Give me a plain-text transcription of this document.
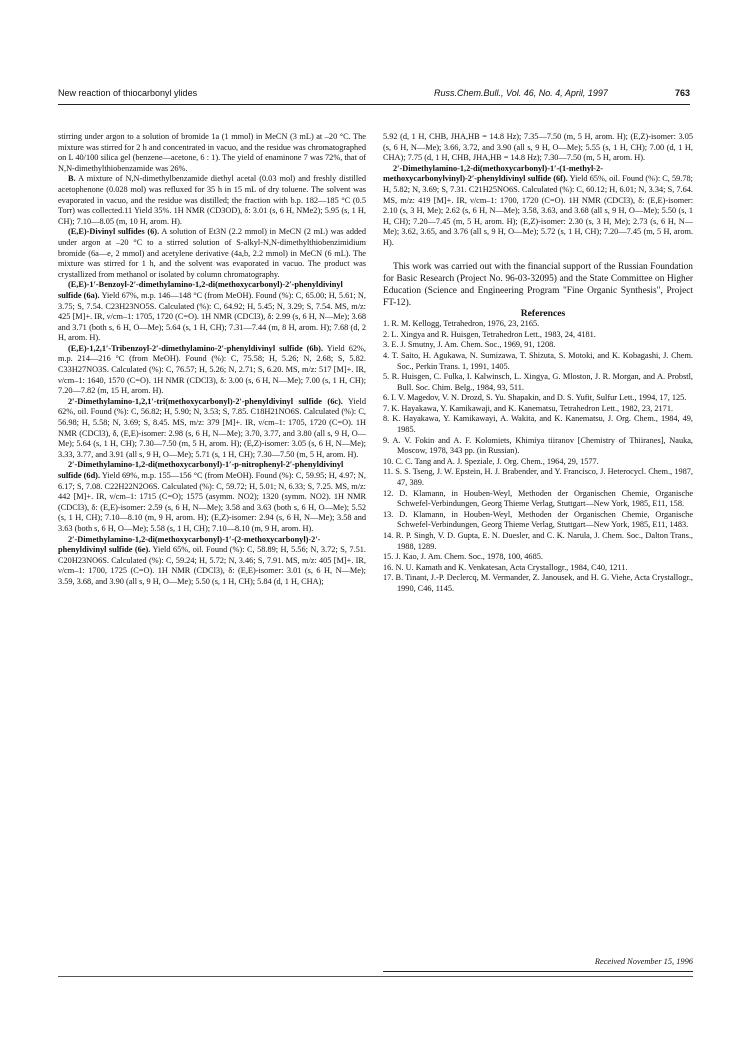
New reaction of thiocarbonyl ylides	Russ.Chem.Bull., Vol. 46, No. 4, April, 1997	763

stirring under argon to a solution of bromide 1a (1 mmol) in MeCN (3 mL) at –20 °C. The mixture was stirred for 2 h and concentrated in vacuo, and the residue was chromatographed on L 40/100 silica gel (benzene—acetone, 6 : 1). The yield of enaminone 7 was 72%, that of N,N-dimethylthiobenzamide was 26%.

B. A mixture of N,N-dimethylbenzamide diethyl acetal (0.03 mol) and freshly distilled acetophenone (0.028 mol) was refluxed for 35 h in 15 mL of dry toluene. The solvent was evaporated in vacuo, and the residue was distilled; the fraction with b.p. 182—185 °C (0.5 Torr) was collected.11 Yield 35%. 1H NMR (CD3OD), δ: 3.01 (s, 6 H, NMe2); 5.95 (s, 1 H, CH); 7.10—8.05 (m, 10 H, arom. H).

(E,E)-Divinyl sulfides (6). A solution of Et3N (2.2 mmol) in MeCN (2 mL) was added under argon at –20 °C to a stirred solution of S-alkyl-N,N-dimethylthiobenzimidium bromide (6a—e, 2 mmol) and acetylene derivative (4a,b, 2.2 mmol) in MeCN (6 mL). The mixture was stirred for 1 h, and the solvent was evaporated in vacuo. The product was crystallized from methanol or isolated by column chromatography.

(E,E)-1′-Benzoyl-2′-dimethylamino-1,2-di(methoxycarbonyl)-2′-phenyldivinyl sulfide (6a). Yield 67%, m.p. 146—148 °C (from MeOH). Found (%): C, 65.00; H, 5.61; N, 3.75; S, 7.54. C23H23NO5S. Calculated (%): C, 64.92; H, 5.45; N, 3.29; S, 7.54. MS, m/z: 425 [M]+. IR, ν/cm–1: 1705, 1720 (C=O). 1H NMR (CDCl3), δ: 2.99 (s, 6 H, N—Me); 3.68 and 3.71 (both s, 6 H, O—Me); 5.64 (s, 1 H, CH); 7.31—7.44 (m, 8 H, arom. H); 7.68 (d, 2 H, arom. H).

(E,E)-1,2,1′-Tribenzoyl-2′-dimethylamino-2′-phenyldivinyl sulfide (6b). Yield 62%, m.p. 214—216 °C (from MeOH). Found (%): C, 75.58; H, 5.26; N, 2.68; S, 5.82. C33H27NO3S. Calculated (%): C, 76.57; H, 5.26; N, 2.71; S, 6.20. MS, m/z: 517 [M]+. IR, ν/cm–1: 1640, 1570 (C=O). 1H NMR (CDCl3), δ: 3.00 (s, 6 H, N—Me); 7.00 (s, 1 H, CH); 7.20—7.82 (m, 15 H, arom. H).

2′-Dimethylamino-1,2,1′-tri(methoxycarbonyl)-2′-phenyldivinyl sulfide (6c). Yield 62%, oil. Found (%): C, 56.82; H, 5.90; N, 3.53; S, 7.85. C18H21NO6S. Calculated (%): C, 56.98; H, 5.58; N, 3.69; S, 8.45. MS, m/z: 379 [M]+. IR, ν/cm–1: 1705, 1720 (C=O). 1H NMR (CDCl3), δ, (E,E)-isomer: 2.98 (s, 6 H, N—Me); 3.70, 3.77, and 3.80 (all s, 9 H, O—Me); 5.64 (s, 1 H, CH); 7.30—7.50 (m, 5 H, arom. H); (E,Z)-isomer: 3.05 (s, 6 H, N—Me); 3.33, 3.77, and 3.91 (all s, 9 H, O—Me); 5.71 (s, 1 H, CH); 7.30—7.50 (m, 5 H, arom. H).

2′-Dimethylamino-1,2-di(methoxycarbonyl)-1′-p-nitrophenyl-2′-phenyldivinyl sulfide (6d). Yield 69%, m.p. 155—156 °C (from MeOH). Found (%): C, 59.95; H, 4.97; N, 6.17; S, 7.08. C22H22N2O6S. Calculated (%): C, 59.72; H, 5.01; N, 6.33; S, 7.25. MS, m/z: 442 [M]+. IR, ν/cm–1: 1715 (C=O); 1575 (asymm. NO2); 1320 (symm. NO2). 1H NMR (CDCl3), δ: (E,E)-isomer: 2.59 (s, 6 H, N—Me); 3.58 and 3.63 (both s, 6 H, O—Me); 5.52 (s, 1 H, CH); 7.10—8.10 (m, 9 H, arom. H); (E,Z)-isomer: 2.94 (s, 6 H, N—Me); 3.58 and 3.63 (both s, 6 H, O—Me); 5.58 (s, 1 H, CH); 7.10—8.10 (m, 9 H, arom. H).

2′-Dimethylamino-1,2-di(methoxycarbonyl)-1′-(2-methoxycarbonyl)-2′-phenyldivinyl sulfide (6e). Yield 65%, oil. Found (%): C, 58.89; H, 5.56; N, 3.72; S, 7.51. C20H23NO6S. Calculated (%): C, 59.24; H, 5.72; N, 3.46; S, 7.91. MS, m/z: 405 [M]+. IR, ν/cm–1: 1700, 1725 (C=O). 1H NMR (CDCl3), δ: (E,E)-isomer: 3.01 (s, 6 H, N—Me); 3.59, 3.68, and 3.90 (all s, 9 H, O—Me); 5.50 (s, 1 H, CH); 5.84 (d, 1 H, CHA);

5.92 (d, 1 H, CHB, JHA,HB = 14.8 Hz); 7.35—7.50 (m, 5 H, arom. H); (E,Z)-isomer: 3.05 (s, 6 H, N—Me); 3.66, 3.72, and 3.90 (all s, 9 H, O—Me); 5.55 (s, 1 H, CH); 7.00 (d, 1 H, CHA); 7.75 (d, 1 H, CHB, JHA,HB = 14.8 Hz); 7.30—7.50 (m, 5 H, arom. H).

2′-Dimethylamino-1,2-di(methoxycarbonyl)-1′-(1-methyl-2-methoxycarbonylvinyl)-2′-phenyldivinyl sulfide (6f). Yield 65%, oil. Found (%): C, 59.78; H, 5.82; N, 3.69; S, 7.31. C21H25NO6S. Calculated (%): C, 60.12; H, 6.01; N, 3.34; S, 7.64. MS, m/z: 419 [M]+. IR, ν/cm–1: 1700, 1720 (C=O). 1H NMR (CDCl3), δ: (E,E)-isomer: 2.10 (s, 3 H, Me); 2.62 (s, 6 H, N—Me); 3.58, 3.63, and 3.68 (all s, 9 H, O—Me); 5.50 (s, 1 H, CH); 7.20—7.45 (m, 5 H, arom. H); (E,Z)-isomer: 2.30 (s, 3 H, Me); 2.73 (s, 6 H, N—Me); 3.62, 3.65, and 3.76 (all s, 9 H, O—Me); 5.72 (s, 1 H, CH); 7.20—7.45 (m, 5 H, arom. H).

This work was carried out with the financial support of the Russian Foundation for Basic Research (Project No. 96-03-32095) and the State Committee on Higher Education (Science and Engineering Program "Fine Organic Synthesis", Project FT-12).

References

1. R. M. Kellogg, Tetrahedron, 1976, 23, 2165.
2. L. Xingya and R. Huisgen, Tetrahedron Lett., 1983, 24, 4181.
3. E. J. Smutny, J. Am. Chem. Soc., 1969, 91, 1208.
4. T. Saito, H. Agukawa, N. Sumizawa, T. Shizuta, S. Motoki, and K. Kobagashi, J. Chem. Soc., Perkin Trans. 1, 1991, 1405.
5. R. Huisgen, C. Fulka, I. Kalwinsch, L. Xingya, G. Mloston, J. R. Morgan, and A. Probstl, Bull. Soc. Chim. Belg., 1984, 93, 511.
6. I. V. Magedov, V. N. Drozd, S. Yu. Shapakin, and D. S. Yufit, Sulfur Lett., 1994, 17, 125.
7. K. Hayakawa, Y. Kamikawaji, and K. Kanematsu, Tetrahedron Lett., 1982, 23, 2171.
8. K. Hayakawa, Y. Kamikawayi, A. Wakita, and K. Kanematsu, J. Org. Chem., 1984, 49, 1985.
9. A. V. Fokin and A. F. Kolomiets, Khimiya tiiranov [Chemistry of Thiiranes], Nauka, Moscow, 1978, 343 pp. (in Russian).
10. C. C. Tang and A. J. Speziale, J. Org. Chem., 1964, 29, 1577.
11. S. S. Tseng, J. W. Epstein, H. J. Brabender, and Y. Francisco, J. Heterocycl. Chem., 1987, 47, 389.
12. D. Klamann, in Houben-Weyl, Methoden der Organischen Chemie, Organische Schwefel-Verbindungen, Georg Thieme Verlag, Stuttgart—New York, 1985, E11, 158.
13. D. Klamann, in Houben-Weyl, Methoden der Organischen Chemie, Organische Schwefel-Verbindungen, Georg Thieme Verlag, Stuttgart—New York, 1985, E11, 1483.
14. R. P. Singh, V. D. Gupta, E. N. Duesler, and C. K. Narula, J. Chem. Soc., Dalton Trans., 1988, 1289.
15. J. Kao, J. Am. Chem. Soc., 1978, 100, 4685.
16. N. U. Kamath and K. Venkatesan, Acta Crystallogr., 1984, C40, 1211.
17. B. Tinant, J.-P. Declercq, M. Vermander, Z. Janousek, and H. G. Viehe, Acta Crystallogr., 1990, C46, 1145.
Received November 15, 1996
